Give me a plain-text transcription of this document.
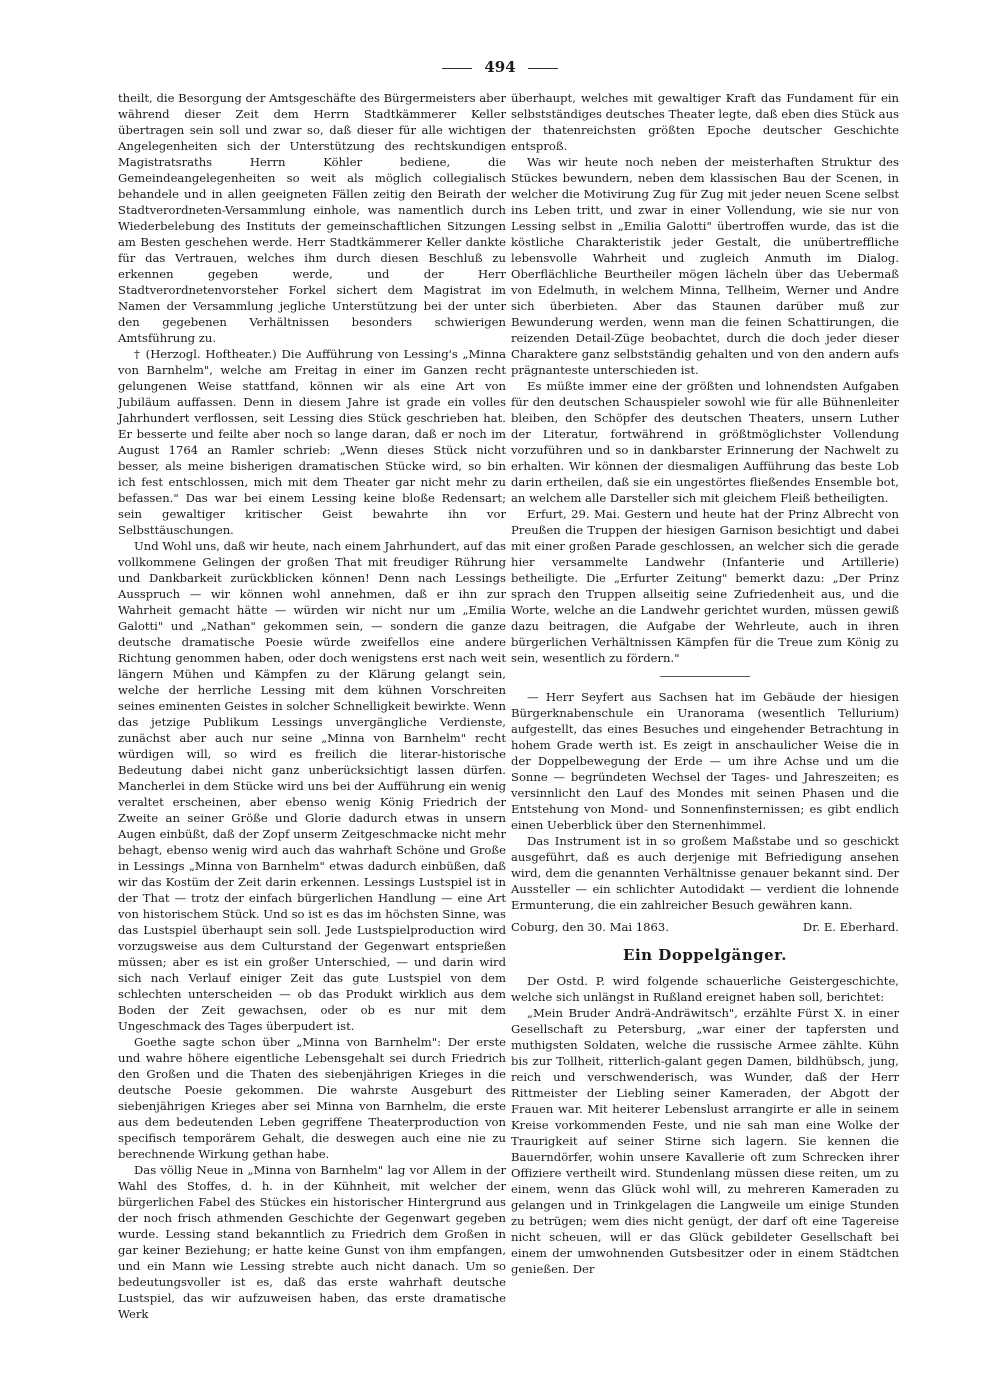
494

theilt, die Besorgung der Amtsgeschäfte des Bürgermeisters aber während dieser Zeit dem Herrn Stadtkämmerer Keller übertragen sein soll und zwar so, daß dieser für alle wichtigen Angelegenheiten sich der Unterstützung des rechtskundigen Magistratsraths Herrn Köhler bediene, die Gemeindeangelegenheiten so weit als möglich collegialisch behandele und in allen geeigneten Fällen zeitig den Beirath der Stadtverordneten-Versammlung einhole, was namentlich durch Wiederbelebung des Instituts der gemeinschaftlichen Sitzungen am Besten geschehen werde. Herr Stadtkämmerer Keller dankte für das Vertrauen, welches ihm durch diesen Beschluß zu erkennen gegeben werde, und der Herr Stadtverordnetenvorsteher Forkel sichert dem Magistrat im Namen der Versammlung jegliche Unterstützung bei der unter den gegebenen Verhältnissen besonders schwierigen Amtsführung zu.

† (Herzogl. Hoftheater.) Die Aufführung von Lessing's „Minna von Barnhelm", welche am Freitag in einer im Ganzen recht gelungenen Weise stattfand, können wir als eine Art von Jubiläum auffassen. Denn in diesem Jahre ist grade ein volles Jahrhundert verflossen, seit Lessing dies Stück geschrieben hat. Er besserte und feilte aber noch so lange daran, daß er noch im August 1764 an Ramler schrieb: „Wenn dieses Stück nicht besser, als meine bisherigen dramatischen Stücke wird, so bin ich fest entschlossen, mich mit dem Theater gar nicht mehr zu befassen." Das war bei einem Lessing keine bloße Redensart; sein gewaltiger kritischer Geist bewahrte ihn vor Selbsttäuschungen.

Und Wohl uns, daß wir heute, nach einem Jahrhundert, auf das vollkommene Gelingen der großen That mit freudiger Rührung und Dankbarkeit zurückblicken können! Denn nach Lessings Ausspruch — wir können wohl annehmen, daß er ihn zur Wahrheit gemacht hätte — würden wir nicht nur um „Emilia Galotti" und „Nathan" gekommen sein, — sondern die ganze deutsche dramatische Poesie würde zweifellos eine andere Richtung genommen haben, oder doch wenigstens erst nach weit längern Mühen und Kämpfen zu der Klärung gelangt sein, welche der herrliche Lessing mit dem kühnen Vorschreiten seines eminenten Geistes in solcher Schnelligkeit bewirkte. Wenn das jetzige Publikum Lessings unvergängliche Verdienste, zunächst aber auch nur seine „Minna von Barnhelm" recht würdigen will, so wird es freilich die literar-historische Bedeutung dabei nicht ganz unberücksichtigt lassen dürfen. Mancherlei in dem Stücke wird uns bei der Aufführung ein wenig veraltet erscheinen, aber ebenso wenig König Friedrich der Zweite an seiner Größe und Glorie dadurch etwas in unsern Augen einbüßt, daß der Zopf unserm Zeitgeschmacke nicht mehr behagt, ebenso wenig wird auch das wahrhaft Schöne und Große in Lessings „Minna von Barnhelm" etwas dadurch einbüßen, daß wir das Kostüm der Zeit darin erkennen. Lessings Lustspiel ist in der That — trotz der einfach bürgerlichen Handlung — eine Art von historischem Stück. Und so ist es das im höchsten Sinne, was das Lustspiel überhaupt sein soll. Jede Lustspielproduction wird vorzugsweise aus dem Culturstand der Gegenwart entsprießen müssen; aber es ist ein großer Unterschied, — und darin wird sich nach Verlauf einiger Zeit das gute Lustspiel von dem schlechten unterscheiden — ob das Produkt wirklich aus dem Boden der Zeit gewachsen, oder ob es nur mit dem Ungeschmack des Tages überpudert ist.

Goethe sagte schon über „Minna von Barnhelm": Der erste und wahre höhere eigentliche Lebensgehalt sei durch Friedrich den Großen und die Thaten des siebenjährigen Krieges in die deutsche Poesie gekommen. Die wahrste Ausgeburt des siebenjährigen Krieges aber sei Minna von Barnhelm, die erste aus dem bedeutenden Leben gegriffene Theaterproduction von specifisch temporärem Gehalt, die deswegen auch eine nie zu berechnende Wirkung gethan habe.

Das völlig Neue in „Minna von Barnhelm" lag vor Allem in der Wahl des Stoffes, d. h. in der Kühnheit, mit welcher der bürgerlichen Fabel des Stückes ein historischer Hintergrund aus der noch frisch athmenden Geschichte der Gegenwart gegeben wurde. Lessing stand bekanntlich zu Friedrich dem Großen in gar keiner Beziehung; er hatte keine Gunst von ihm empfangen, und ein Mann wie Lessing strebte auch nicht danach. Um so bedeutungsvoller ist es, daß das erste wahrhaft deutsche Lustspiel, das wir aufzuweisen haben, das erste dramatische Werk

überhaupt, welches mit gewaltiger Kraft das Fundament für ein selbstständiges deutsches Theater legte, daß eben dies Stück aus der thatenreichsten größten Epoche deutscher Geschichte entsproß.

Was wir heute noch neben der meisterhaften Struktur des Stückes bewundern, neben dem klassischen Bau der Scenen, in welcher die Motivirung Zug für Zug mit jeder neuen Scene selbst ins Leben tritt, und zwar in einer Vollendung, wie sie nur von Lessing selbst in „Emilia Galotti" übertroffen wurde, das ist die köstliche Charakteristik jeder Gestalt, die unübertreffliche lebensvolle Wahrheit und zugleich Anmuth im Dialog. Oberflächliche Beurtheiler mögen lächeln über das Uebermaß von Edelmuth, in welchem Minna, Tellheim, Werner und Andre sich überbieten. Aber das Staunen darüber muß zur Bewunderung werden, wenn man die feinen Schattirungen, die reizenden Detail-Züge beobachtet, durch die doch jeder dieser Charaktere ganz selbstständig gehalten und von den andern aufs prägnanteste unterschieden ist.

Es müßte immer eine der größten und lohnendsten Aufgaben für den deutschen Schauspieler sowohl wie für alle Bühnenleiter bleiben, den Schöpfer des deutschen Theaters, unsern Luther der Literatur, fortwährend in größtmöglichster Vollendung vorzuführen und so in dankbarster Erinnerung der Nachwelt zu erhalten. Wir können der diesmaligen Aufführung das beste Lob darin ertheilen, daß sie ein ungestörtes fließendes Ensemble bot, an welchem alle Darsteller sich mit gleichem Fleiß betheiligten.

Erfurt, 29. Mai. Gestern und heute hat der Prinz Albrecht von Preußen die Truppen der hiesigen Garnison besichtigt und dabei mit einer großen Parade geschlossen, an welcher sich die gerade hier versammelte Landwehr (Infanterie und Artillerie) betheiligte. Die „Erfurter Zeitung" bemerkt dazu: „Der Prinz sprach den Truppen allseitig seine Zufriedenheit aus, und die Worte, welche an die Landwehr gerichtet wurden, müssen gewiß dazu beitragen, die Aufgabe der Wehrleute, auch in ihren bürgerlichen Verhältnissen Kämpfen für die Treue zum König zu sein, wesentlich zu fördern."

— Herr Seyfert aus Sachsen hat im Gebäude der hiesigen Bürgerknabenschule ein Uranorama (wesentlich Tellurium) aufgestellt, das eines Besuches und eingehender Betrachtung in hohem Grade werth ist. Es zeigt in anschaulicher Weise die in der Doppelbewegung der Erde — um ihre Achse und um die Sonne — begründeten Wechsel der Tages- und Jahreszeiten; es versinnlicht den Lauf des Mondes mit seinen Phasen und die Entstehung von Mond- und Sonnenfinsternissen; es gibt endlich einen Ueberblick über den Sternenhimmel.

Das Instrument ist in so großem Maßstabe und so geschickt ausgeführt, daß es auch derjenige mit Befriedigung ansehen wird, dem die genannten Verhältnisse genauer bekannt sind. Der Aussteller — ein schlichter Autodidakt — verdient die lohnende Ermunterung, die ein zahlreicher Besuch gewähren kann.

Coburg, den 30. Mai 1863.	Dr. E. Eberhard.
Ein Doppelgänger.

Der Ostd. P. wird folgende schauerliche Geistergeschichte, welche sich unlängst in Rußland ereignet haben soll, berichtet:

„Mein Bruder Andrä-Andräwitsch", erzählte Fürst X. in einer Gesellschaft zu Petersburg, „war einer der tapfersten und muthigsten Soldaten, welche die russische Armee zählte. Kühn bis zur Tollheit, ritterlich-galant gegen Damen, bildhübsch, jung, reich und verschwenderisch, was Wunder, daß der Herr Rittmeister der Liebling seiner Kameraden, der Abgott der Frauen war. Mit heiterer Lebenslust arrangirte er alle in seinem Kreise vorkommenden Feste, und nie sah man eine Wolke der Traurigkeit auf seiner Stirne sich lagern. Sie kennen die Bauerndörfer, wohin unsere Kavallerie oft zum Schrecken ihrer Offiziere vertheilt wird. Stundenlang müssen diese reiten, um zu einem, wenn das Glück wohl will, zu mehreren Kameraden zu gelangen und in Trinkgelagen die Langweile um einige Stunden zu betrügen; wem dies nicht genügt, der darf oft eine Tagereise nicht scheuen, will er das Glück gebildeter Gesellschaft bei einem der umwohnenden Gutsbesitzer oder in einem Städtchen genießen. Der
